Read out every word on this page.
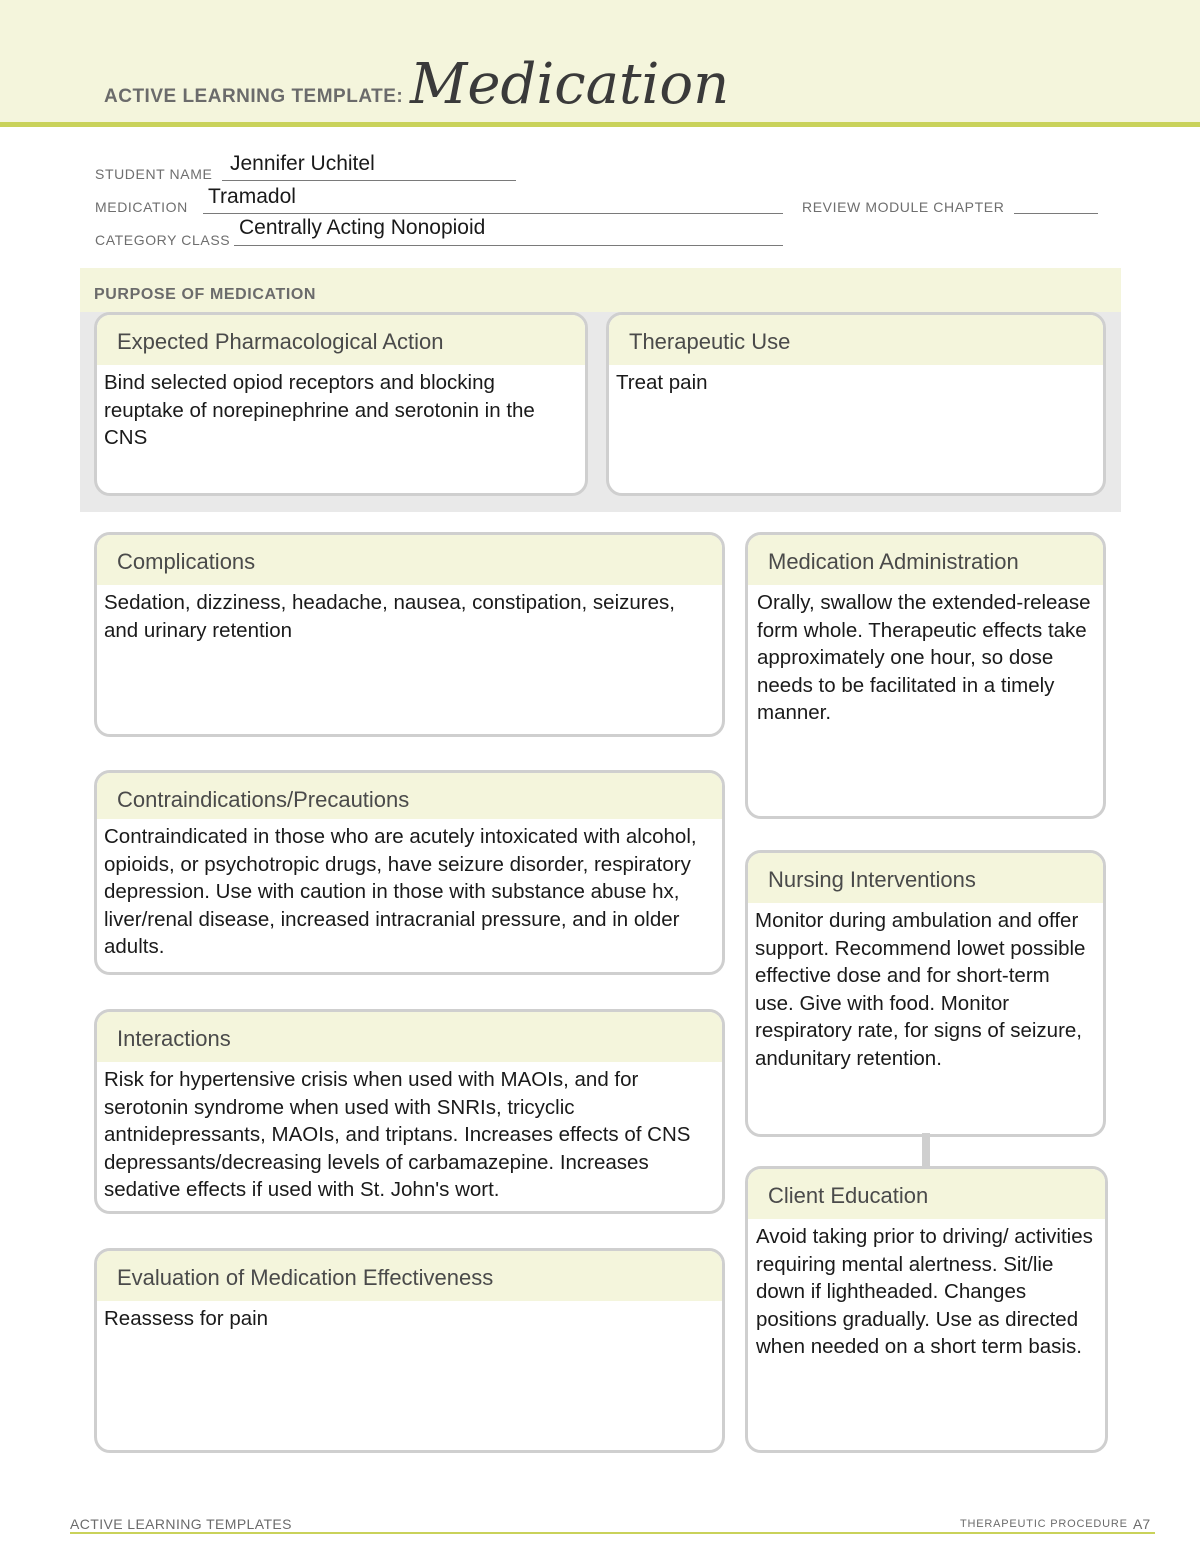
ACTIVE LEARNING TEMPLATE: Medication
STUDENT NAME Jennifer Uchitel
MEDICATION Tramadol	REVIEW MODULE CHAPTER
CATEGORY CLASS
Centrally Acting Nonopioid
PURPOSE OF MEDICATION
Expected Pharmacological Action
Bind selected opiod receptors and blocking reuptake of norepinephrine and serotonin in the CNS
Therapeutic Use
Treat pain
Complications
Sedation, dizziness, headache, nausea, constipation, seizures, and urinary retention
Contraindications/Precautions
Contraindicated in those who are acutely intoxicated with alcohol, opioids, or psychotropic drugs, have seizure disorder, respiratory depression. Use with caution in those with substance abuse hx, liver/renal disease, increased intracranial pressure, and in older adults.
Interactions
Risk for hypertensive crisis when used with MAOIs, and for serotonin syndrome when used with SNRIs, tricyclic antnidepressants, MAOIs, and triptans. Increases effects of CNS depressants/decreasing levels of carbamazepine. Increases sedative effects if used with St. John's wort.
Evaluation of Medication Effectiveness
Reassess for pain
Medication Administration
Orally, swallow the extended-release form whole. Therapeutic effects take approximately one hour, so dose needs to be facilitated in a timely manner.
Nursing Interventions
Monitor during ambulation and offer support. Recommend lowet possible effective dose and for short-term use. Give with food. Monitor respiratory rate, for signs of seizure, andunitary retention.
Client Education
Avoid taking prior to driving/ activities requiring mental alertness. Sit/lie down if lightheaded. Changes positions gradually. Use as directed when needed on a short term basis.
ACTIVE LEARNING TEMPLATES	THERAPEUTIC PROCEDURE A7
